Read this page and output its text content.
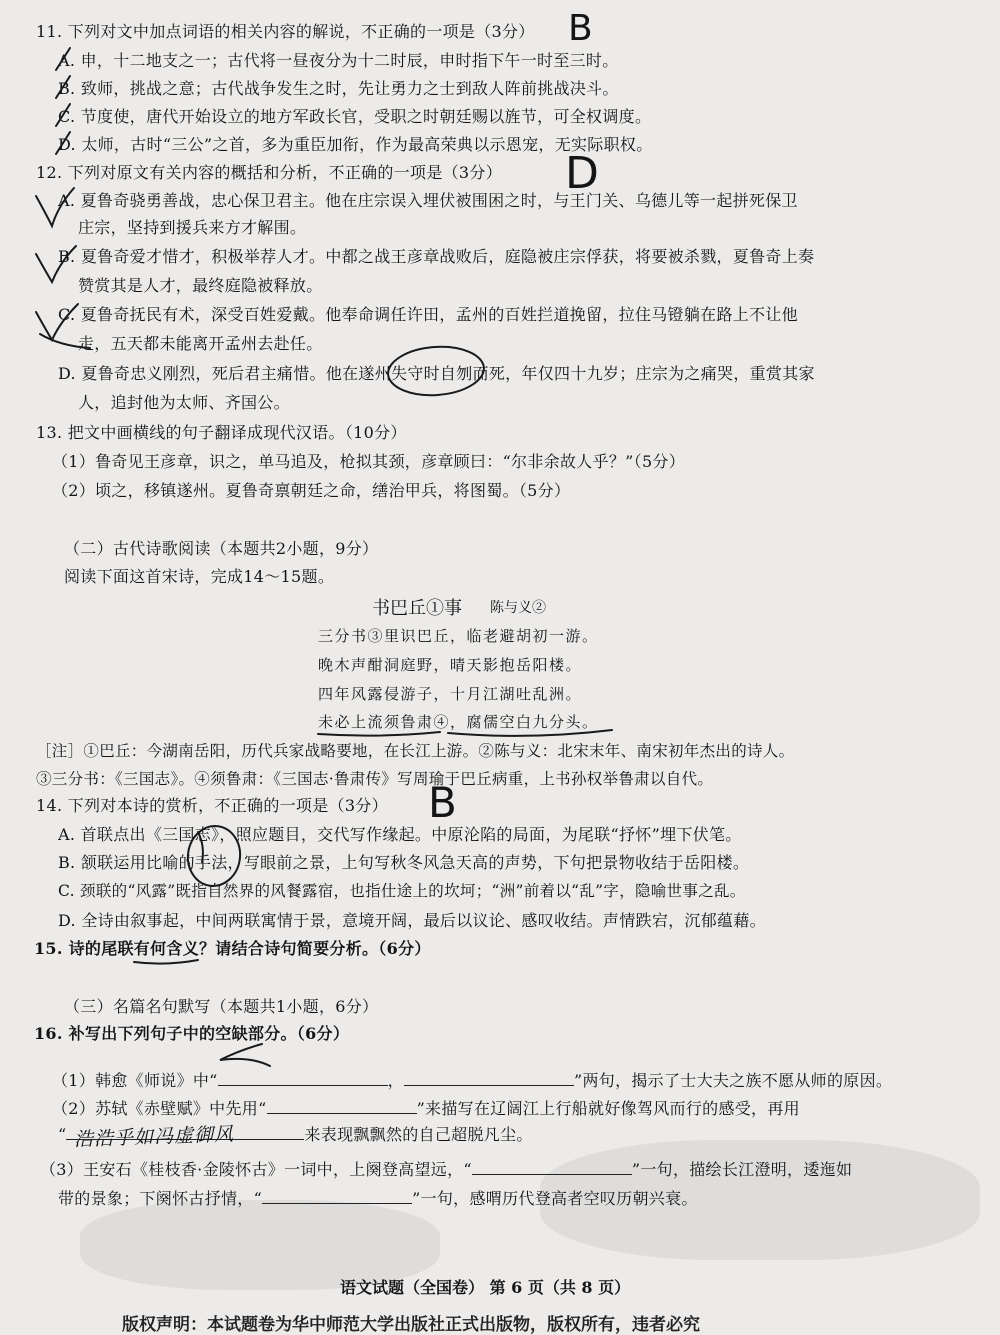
11. 下列对文中加点词语的相关内容的解说，不正确的一项是（3分）
A. 申，十二地支之一；古代将一昼夜分为十二时辰，申时指下午一时至三时。
B. 致师，挑战之意；古代战争发生之时，先让勇力之士到敌人阵前挑战决斗。
C. 节度使，唐代开始设立的地方军政长官，受职之时朝廷赐以旌节，可全权调度。
D. 太师，古时“三公”之首，多为重臣加衔，作为最高荣典以示恩宠，无实际职权。
12. 下列对原文有关内容的概括和分析，不正确的一项是（3分）
A. 夏鲁奇骁勇善战，忠心保卫君主。他在庄宗误入埋伏被围困之时，与王门关、乌德儿等一起拼死保卫
庄宗，坚持到援兵来方才解围。
B. 夏鲁奇爱才惜才，积极举荐人才。中都之战王彦章战败后，庭隐被庄宗俘获，将要被杀戮，夏鲁奇上奏
赞赏其是人才，最终庭隐被释放。
C. 夏鲁奇抚民有术，深受百姓爱戴。他奉命调任许田，孟州的百姓拦道挽留，拉住马镫躺在路上不让他
走，五天都未能离开孟州去赴任。
D. 夏鲁奇忠义刚烈，死后君主痛惜。他在遂州失守时自刎而死，年仅四十九岁；庄宗为之痛哭，重赏其家
人，追封他为太师、齐国公。
13. 把文中画横线的句子翻译成现代汉语。（10分）
（1）鲁奇见王彦章，识之，单马追及，枪拟其颈，彦章顾曰：“尔非余故人乎？”（5分）
（2）顷之，移镇遂州。夏鲁奇禀朝廷之命，缮治甲兵，将图蜀。（5分）
（二）古代诗歌阅读（本题共2小题，9分）
阅读下面这首宋诗，完成14～15题。
书巴丘①事 陈与义②
三分书③里识巴丘，临老避胡初一游。
晚木声酣洞庭野，晴天影抱岳阳楼。
四年风露侵游子，十月江湖吐乱洲。
未必上流须鲁肃④，腐儒空白九分头。
［注］①巴丘：今湖南岳阳，历代兵家战略要地，在长江上游。②陈与义：北宋末年、南宋初年杰出的诗人。
③三分书：《三国志》。④须鲁肃：《三国志·鲁肃传》写周瑜于巴丘病重，上书孙权举鲁肃以自代。
14. 下列对本诗的赏析，不正确的一项是（3分）
A. 首联点出《三国志》，照应题目，交代写作缘起。中原沦陷的局面，为尾联“抒怀”埋下伏笔。
B. 颔联运用比喻的手法，写眼前之景，上句写秋冬风急天高的声势，下句把景物收结于岳阳楼。
C. 颈联的“风露”既指自然界的风餐露宿，也指仕途上的坎坷；“洲”前着以“乱”字，隐喻世事之乱。
D. 全诗由叙事起，中间两联寓情于景，意境开阔，最后以议论、感叹收结。声情跌宕，沉郁蕴藉。
15. 诗的尾联有何含义？请结合诗句简要分析。（6分）
（三）名篇名句默写（本题共1小题，6分）
16. 补写出下列句子中的空缺部分。（6分）
（1）韩愈《师说》中“	，	”两句，揭示了士大夫之族不愿从师的原因。
（2）苏轼《赤壁赋》中先用“	”来描写在辽阔江上行船就好像驾风而行的感受，再用
“	来表现飘飘然的自己超脱凡尘。
（3）王安石《桂枝香·金陵怀古》一词中，上阕登高望远，“	”一句，描绘长江澄明，逶迤如
带的景象；下阕怀古抒情，“	”一句，感喟历代登高者空叹历朝兴衰。
语文试题（全国卷） 第 6 页（共 8 页）
版权声明：本试题卷为华中师范大学出版社正式出版物，版权所有，违者必究
B
D
B
浩浩乎如冯虚御风
